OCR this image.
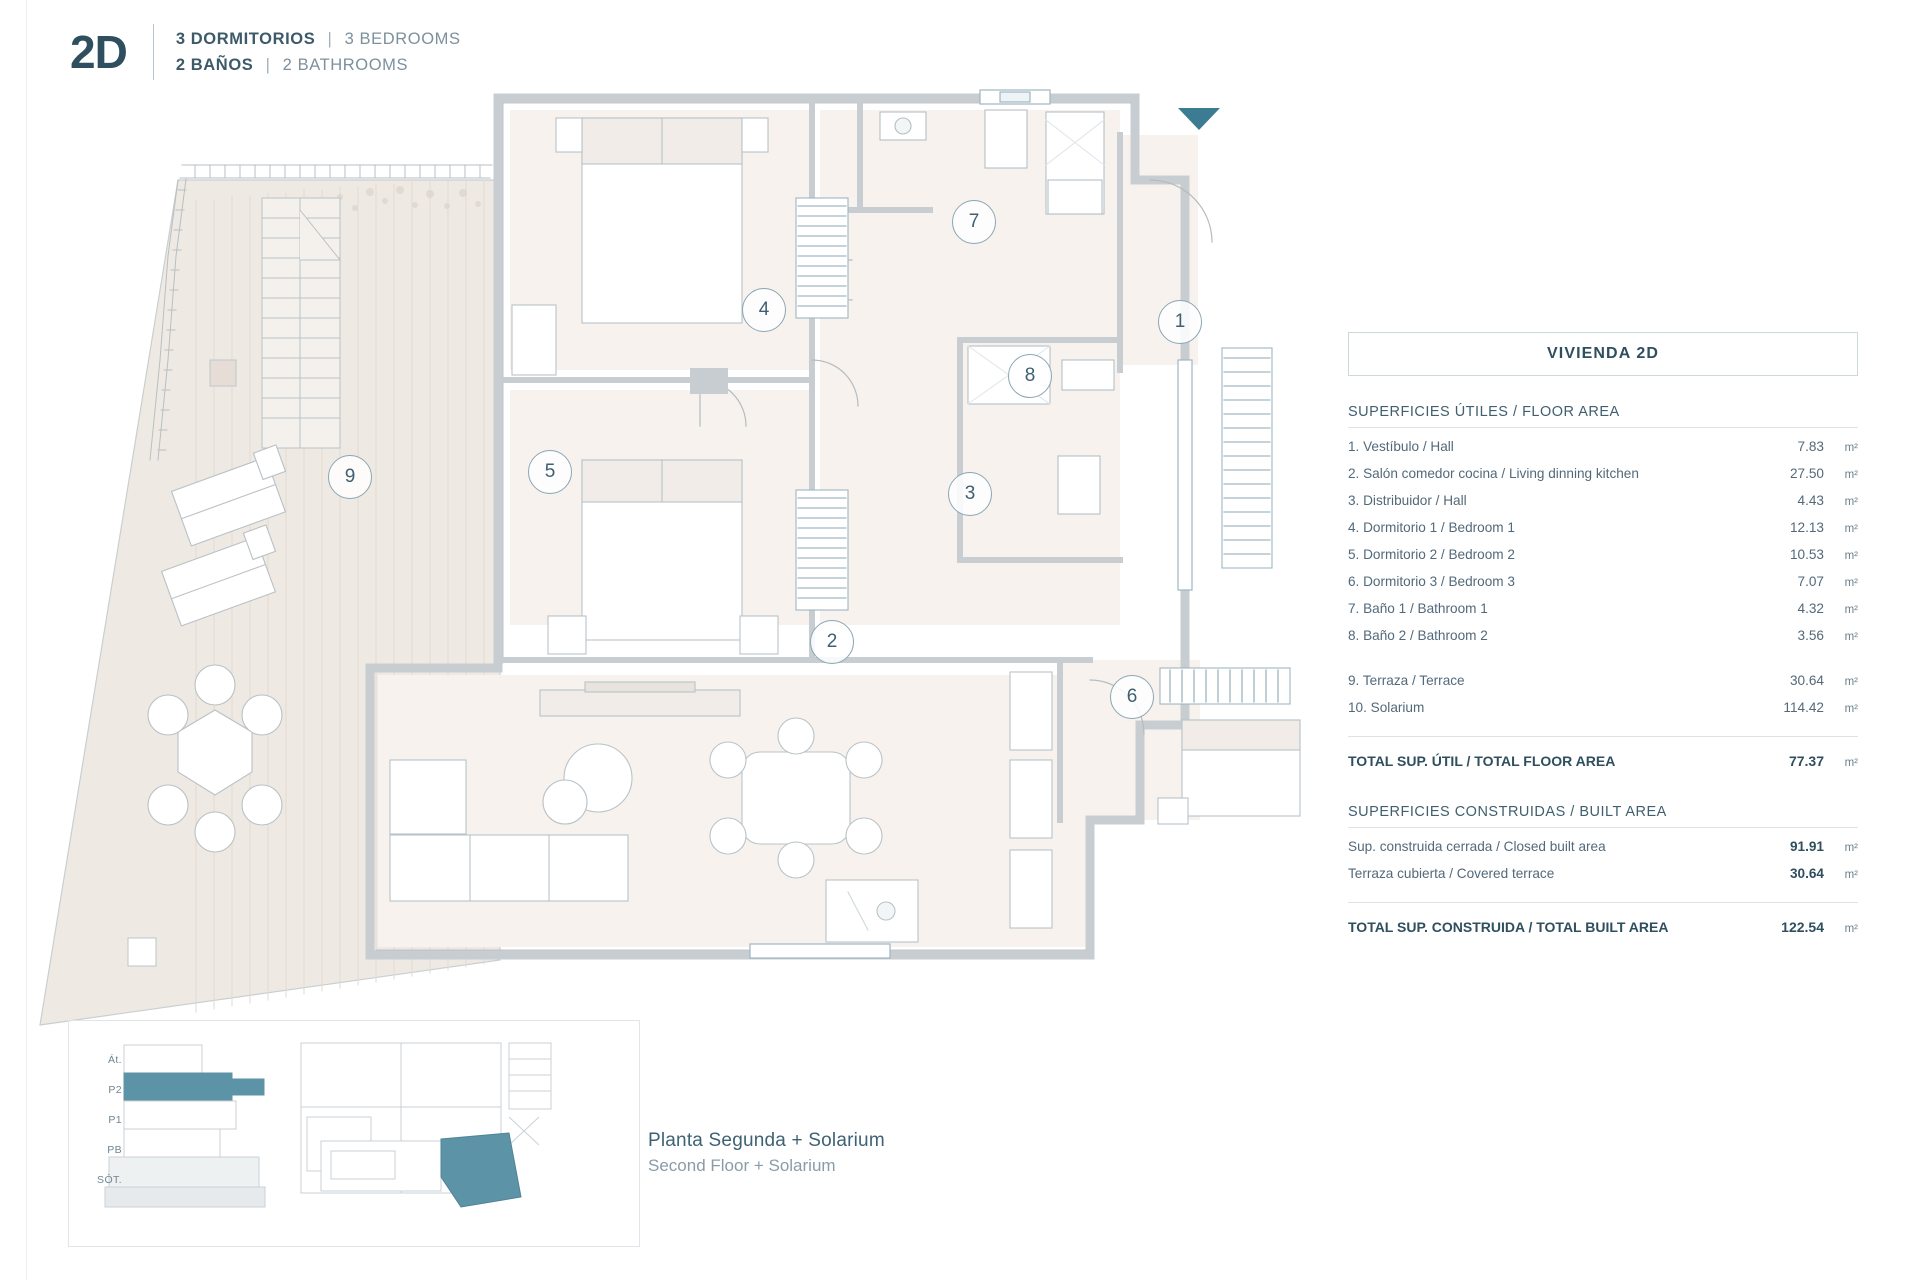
2D	3 DORMITORIOS | 3 BEDROOMS
2 BAÑOS | 2 BATHROOMS
1
2
3
4
5
6
7
8
9
VIVIENDA 2D
SUPERFICIES ÚTILES / FLOOR AREA
1. Vestíbulo / Hall	7.83	m²
2. Salón comedor cocina / Living dinning kitchen	27.50	m²
3. Distribuidor / Hall	4.43	m²
4. Dormitorio 1 / Bedroom 1	12.13	m²
5. Dormitorio 2 / Bedroom 2	10.53	m²
6. Dormitorio 3 / Bedroom 3	7.07	m²
7. Baño 1 / Bathroom 1	4.32	m²
8. Baño 2 / Bathroom 2	3.56	m²
9. Terraza / Terrace	30.64	m²
10. Solarium	114.42	m²
TOTAL SUP. ÚTIL / TOTAL FLOOR AREA	77.37	m²
SUPERFICIES CONSTRUIDAS / BUILT AREA
Sup. construida cerrada / Closed built area	91.91	m²
Terraza cubierta / Covered terrace	30.64	m²
TOTAL SUP. CONSTRUIDA / TOTAL BUILT AREA	122.54	m²
Át.
P2
P1
PB
SÓT.
Planta Segunda + Solarium
Second Floor + Solarium
